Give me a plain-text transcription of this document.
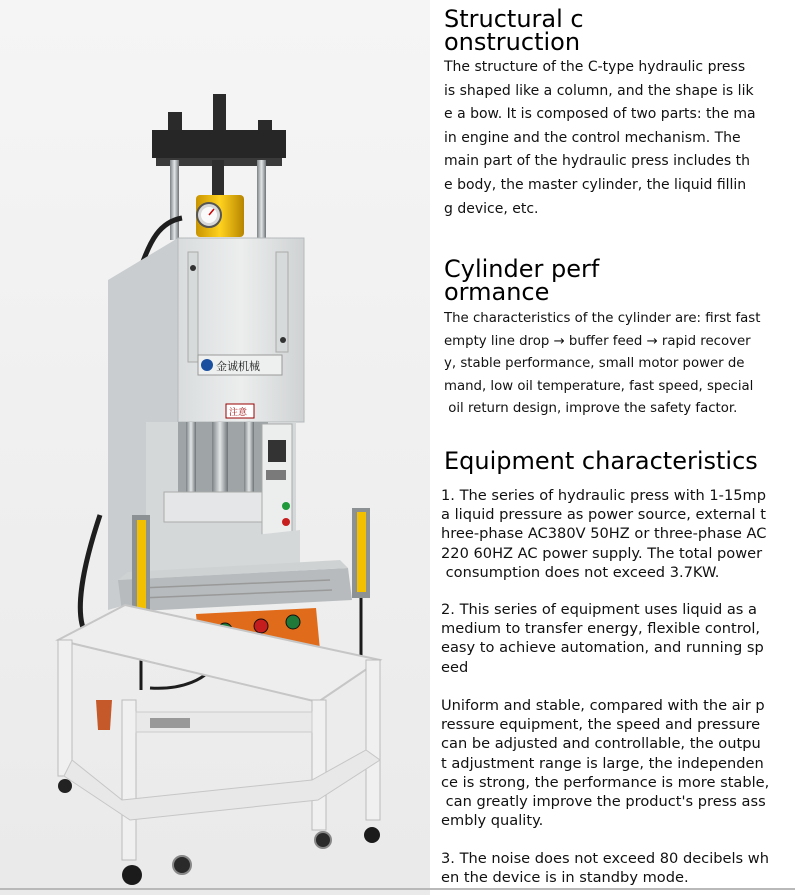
金诚机械
注意
Structural c
onstruction
The structure of the C-type hydraulic press
is shaped like a column, and the shape is lik
e a bow. It is composed of two parts: the ma
in engine and the control mechanism. The
main part of the hydraulic press includes th
e body, the master cylinder, the liquid fillin
g device, etc.
Cylinder perf
ormance
The characteristics of the cylinder are: first fast
empty line drop → buffer feed → rapid recover
y, stable performance, small motor power de
mand, low oil temperature, fast speed, special
oil return design, improve the safety factor.
Equipment characteristics
1. The series of hydraulic press with 1-15mp
a liquid pressure as power source, external t
hree-phase AC380V 50HZ or three-phase AC
220 60HZ AC power supply. The total power
consumption does not exceed 3.7KW.
2. This series of equipment uses liquid as a
medium to transfer energy, flexible control,
easy to achieve automation, and running sp
eed
Uniform and stable, compared with the air p
ressure equipment, the speed and pressure
can be adjusted and controllable, the outpu
t adjustment range is large, the independen
ce is strong, the performance is more stable,
can greatly improve the product's press ass
embly quality.
3. The noise does not exceed 80 decibels wh
en the device is in standby mode.
